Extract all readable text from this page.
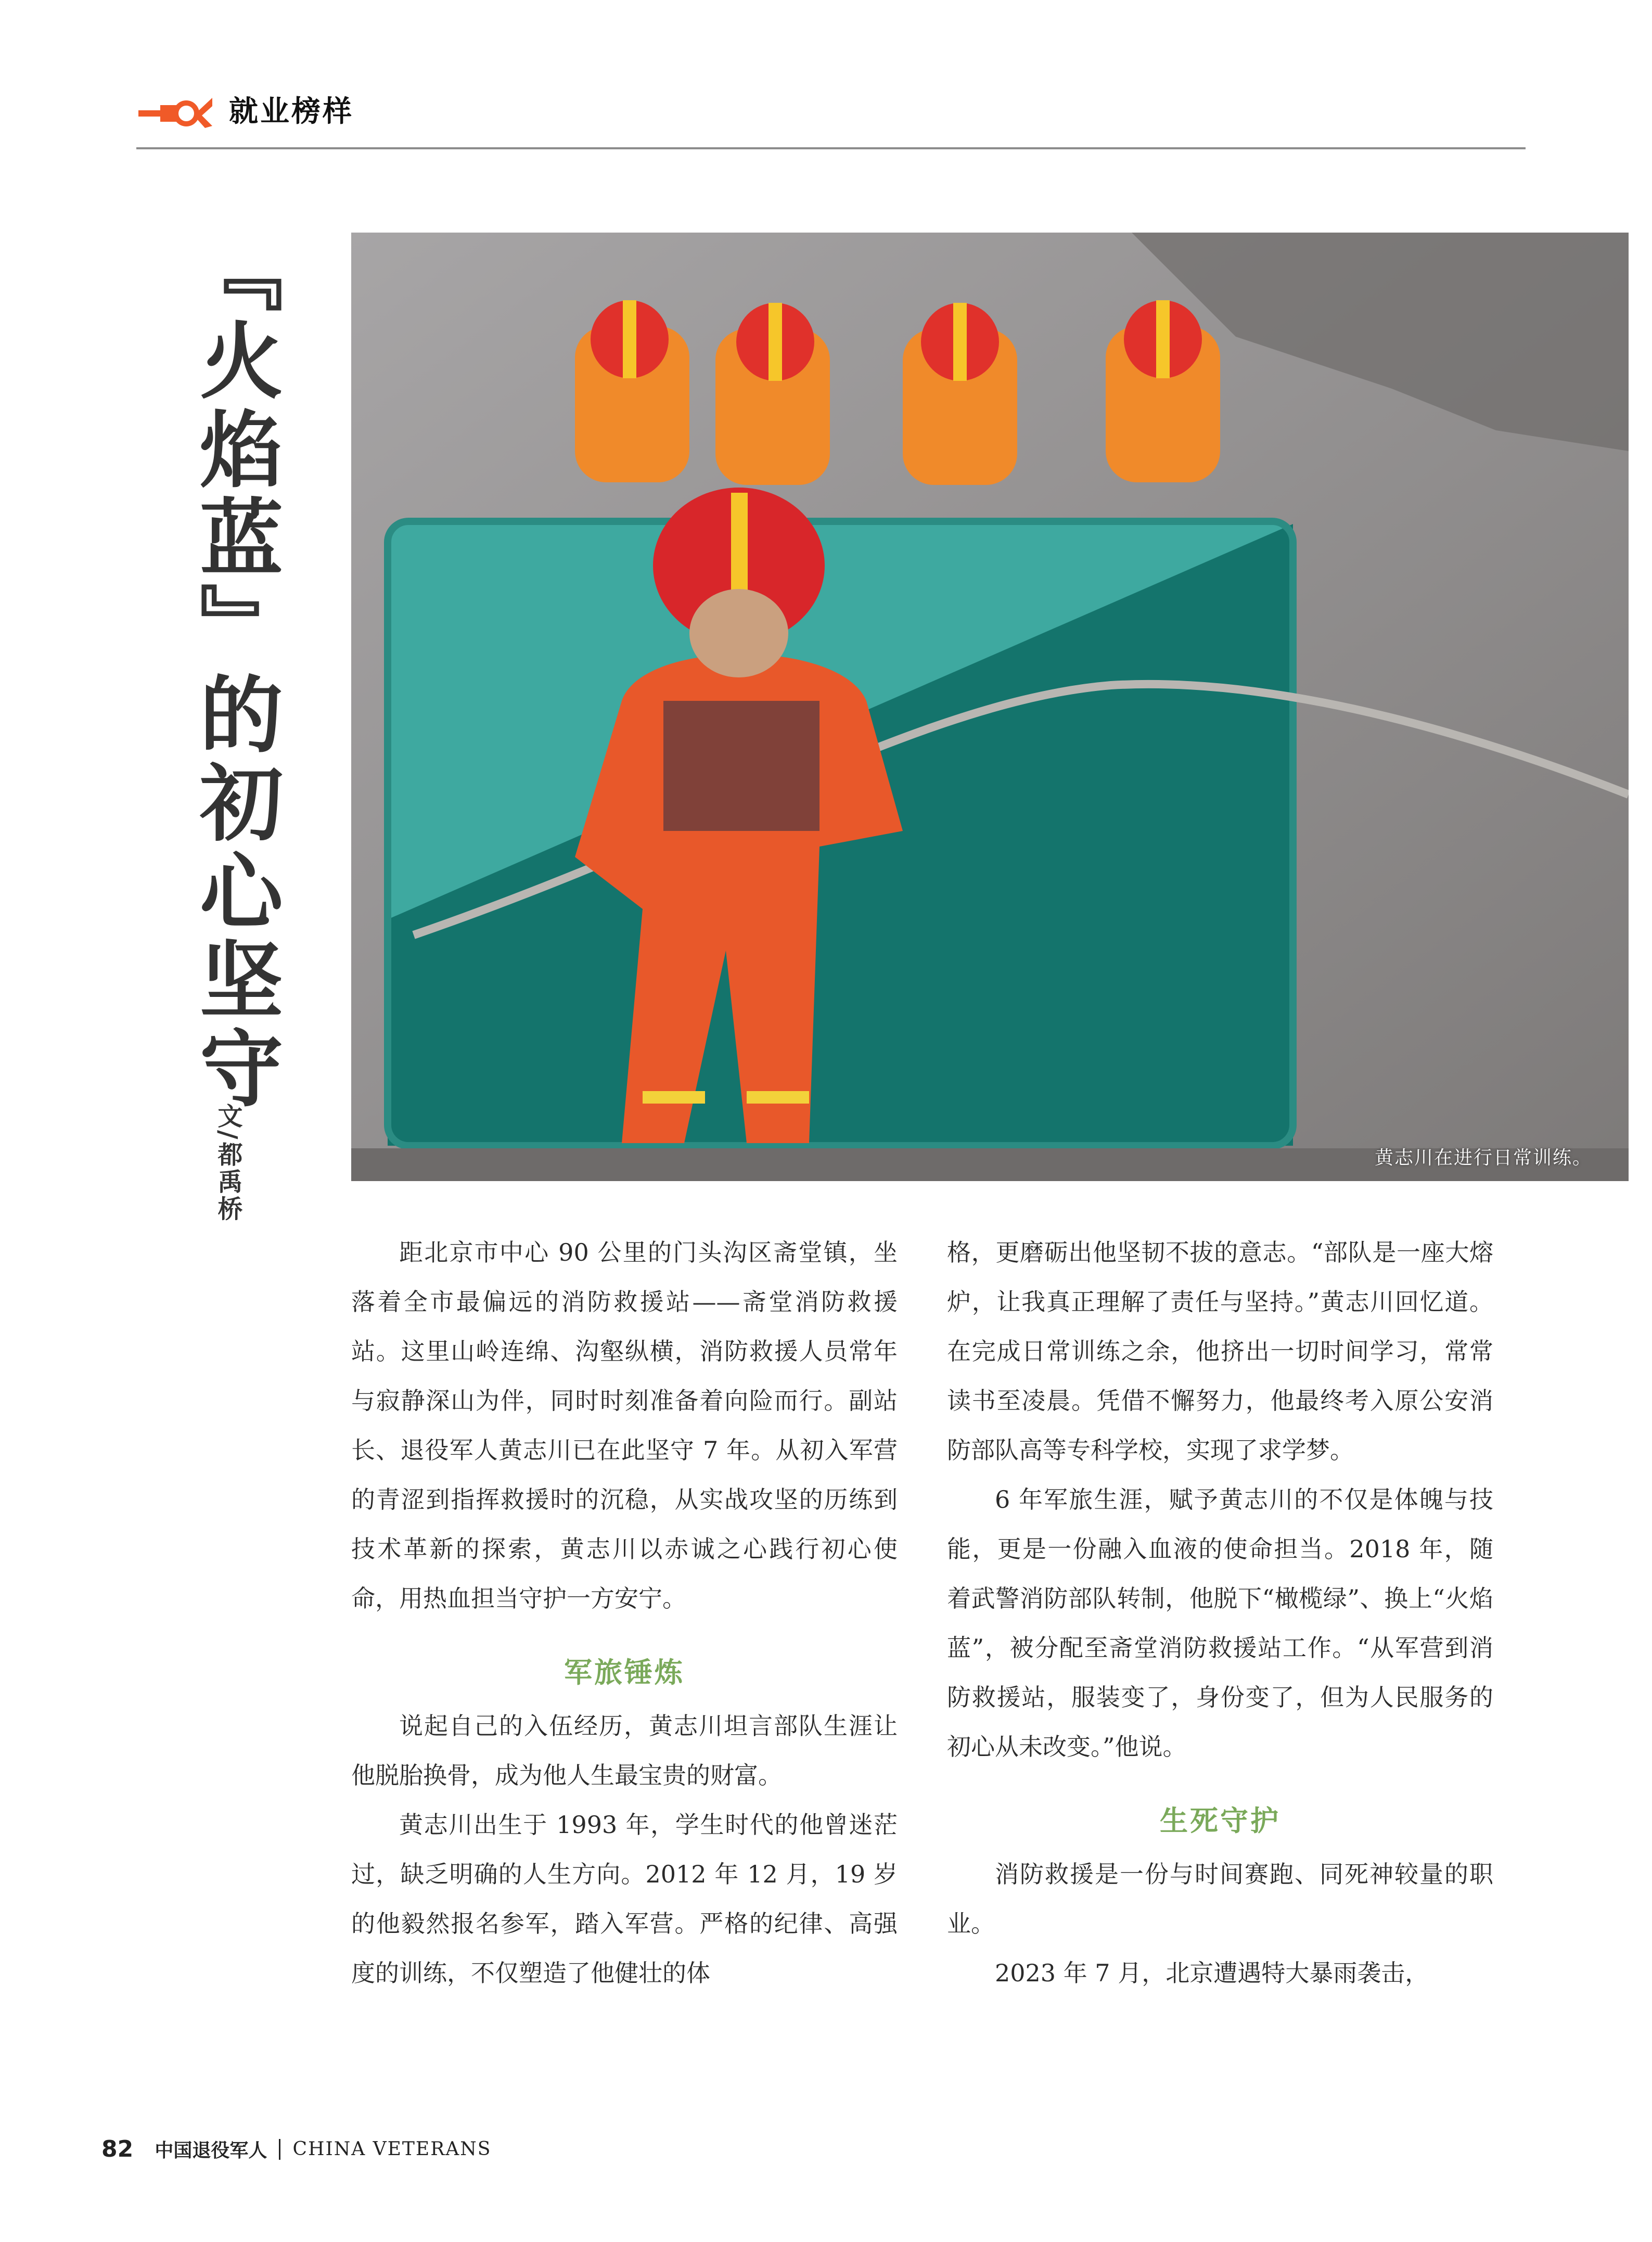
就业榜样
『火焰蓝』的初心坚守
文/都禹桥	黄志川在进行日常训练。

距北京市中心 90 公里的门头沟区斋堂镇，坐落着全市最偏远的消防救援站——斋堂消防救援站。这里山岭连绵、沟壑纵横，消防救援人员常年与寂静深山为伴，同时时刻准备着向险而行。副站长、退役军人黄志川已在此坚守 7 年。从初入军营的青涩到指挥救援时的沉稳，从实战攻坚的历练到技术革新的探索，黄志川以赤诚之心践行初心使命，用热血担当守护一方安宁。

军旅锤炼

说起自己的入伍经历，黄志川坦言部队生涯让他脱胎换骨，成为他人生最宝贵的财富。

黄志川出生于 1993 年，学生时代的他曾迷茫过，缺乏明确的人生方向。2012 年 12 月，19 岁的他毅然报名参军，踏入军营。严格的纪律、高强度的训练，不仅塑造了他健壮的体

格，更磨砺出他坚韧不拔的意志。“部队是一座大熔炉，让我真正理解了责任与坚持。”黄志川回忆道。在完成日常训练之余，他挤出一切时间学习，常常读书至凌晨。凭借不懈努力，他最终考入原公安消防部队高等专科学校，实现了求学梦。

6 年军旅生涯，赋予黄志川的不仅是体魄与技能，更是一份融入血液的使命担当。2018 年，随着武警消防部队转制，他脱下“橄榄绿”、换上“火焰蓝”，被分配至斋堂消防救援站工作。“从军营到消防救援站，服装变了，身份变了，但为人民服务的初心从未改变。”他说。

生死守护

消防救援是一份与时间赛跑、同死神较量的职业。

2023 年 7 月，北京遭遇特大暴雨袭击，

82 中国退役军人 CHINA VETERANS
